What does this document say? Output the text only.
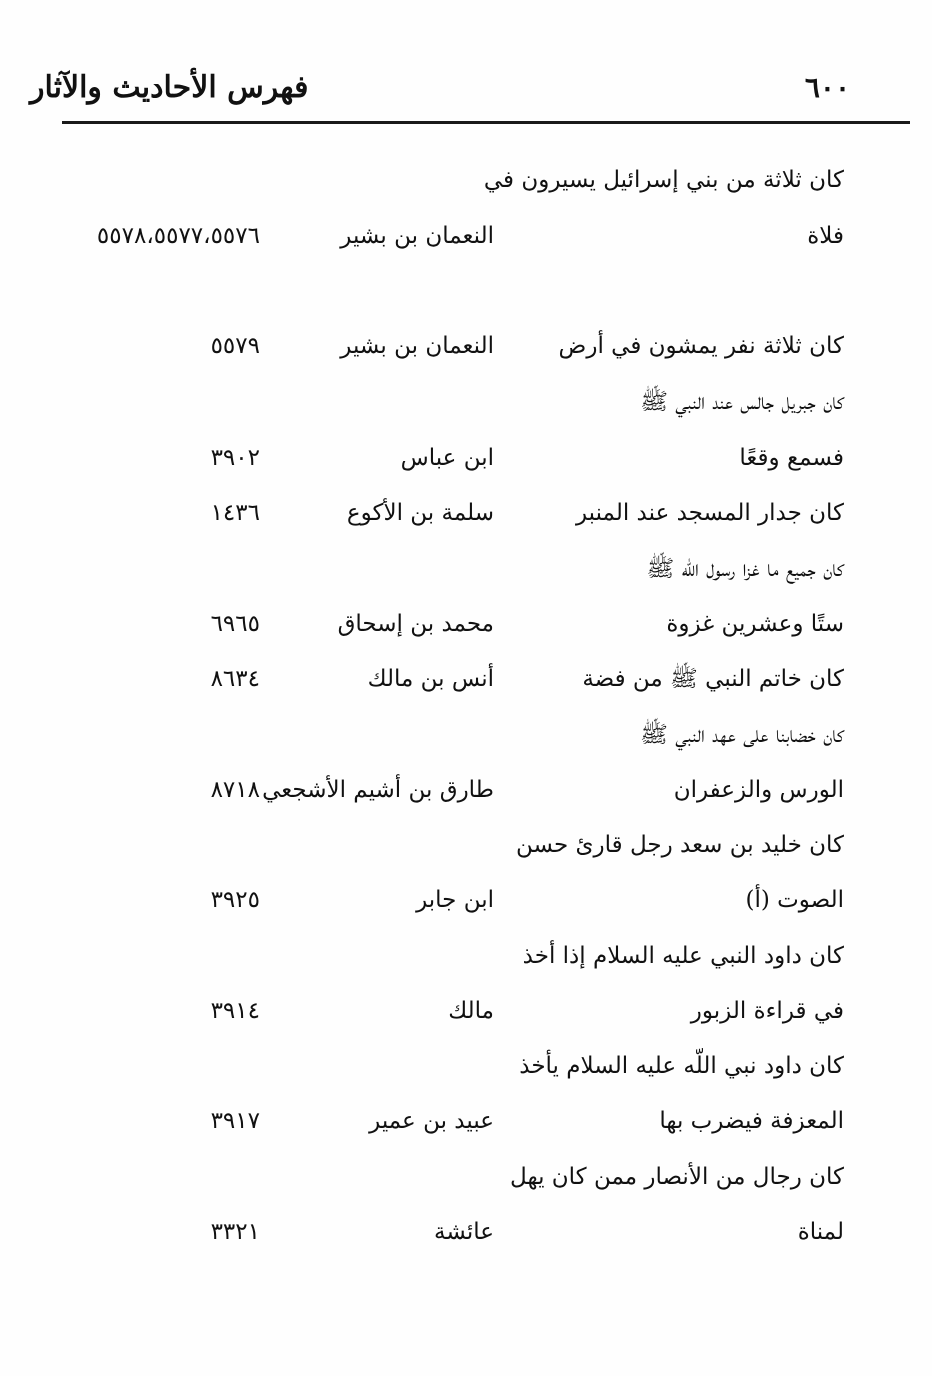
فهرس الأحاديث والآثار	٦٠٠
كان ثلاثة من بني إسرائيل يسيرون في
فلاة
النعمان بن بشير
٥٥٧٨،٥٥٧٧،٥٥٧٦
كان ثلاثة نفر يمشون في أرض
النعمان بن بشير
٥٥٧٩
كان جبريل جالس عند النبي ﷺ
فسمع وقعًا
ابن عباس
٣٩٠٢
كان جدار المسجد عند المنبر
سلمة بن الأكوع
١٤٣٦
كان جميع ما غزا رسول اللّه ﷺ
ستًا وعشرين غزوة
محمد بن إسحاق
٦٩٦٥
كان خاتم النبي ﷺ من فضة
أنس بن مالك
٨٦٣٤
كان خضابنا على عهد النبي ﷺ
الورس والزعفران
طارق بن أشيم الأشجعي
٨٧١٨
كان خليد بن سعد رجل قارئ حسن
الصوت (أ)
ابن جابر
٣٩٢٥
كان داود النبي عليه السلام إذا أخذ
في قراءة الزبور
مالك
٣٩١٤
كان داود نبي اللّه عليه السلام يأخذ
المعزفة فيضرب بها
عبيد بن عمير
٣٩١٧
كان رجال من الأنصار ممن كان يهل
لمناة
عائشة
٣٣٢١
